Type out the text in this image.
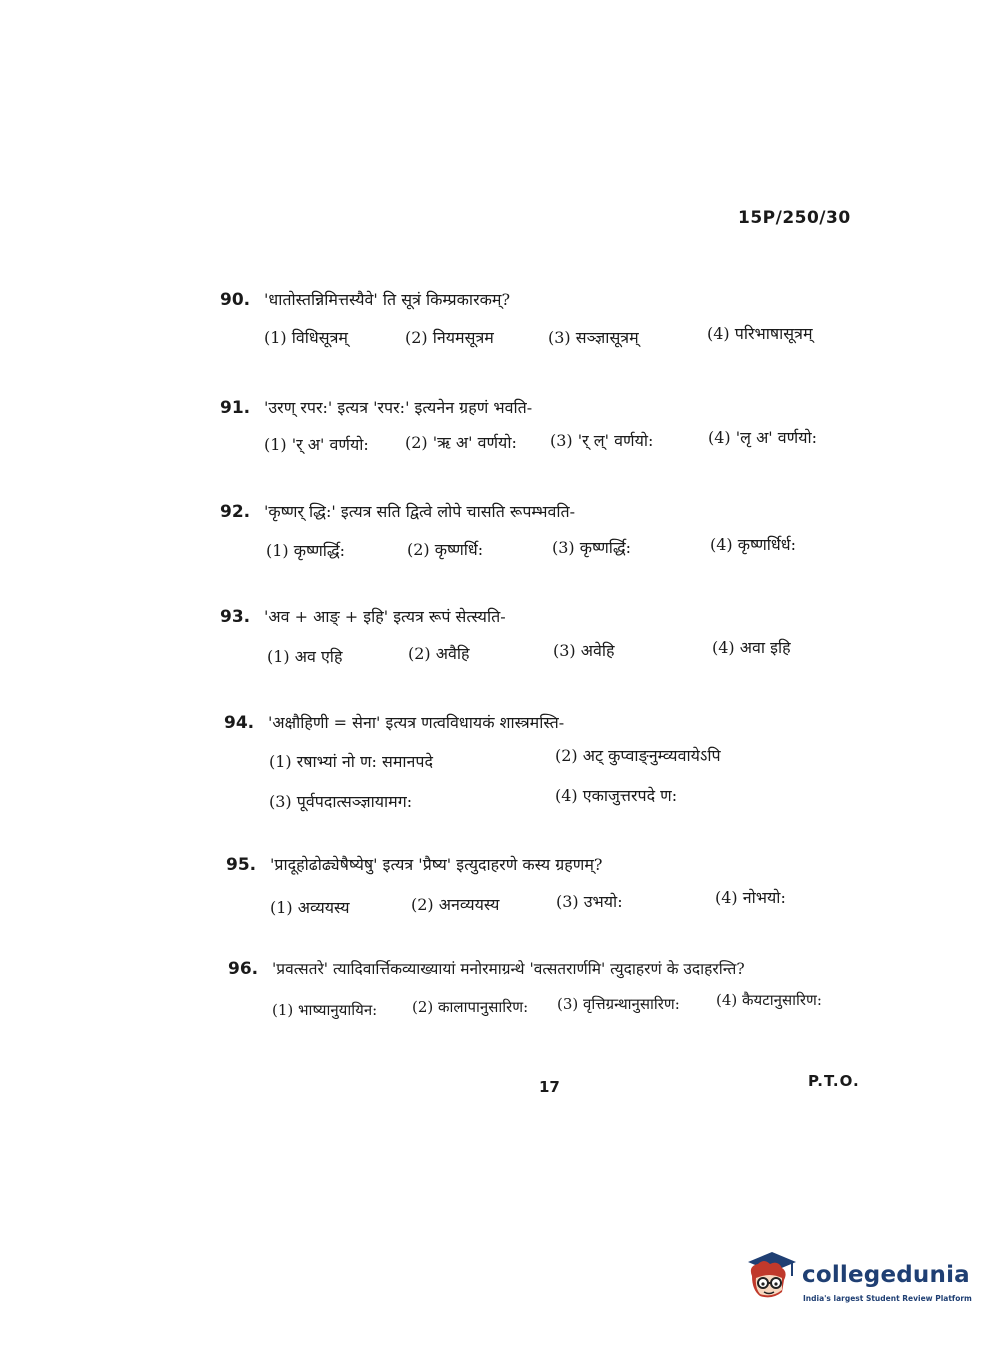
15P/250/30
90. 'धातोस्तन्निमित्तस्यैवे' ति सूत्रं किम्प्रकारकम्?
(1) विधिसूत्रम्	(2) नियमसूत्रम	(3) सञ्ज्ञासूत्रम्	(4) परिभाषासूत्रम्
91. 'उरण् रपर:' इत्यत्र 'रपर:' इत्यनेन ग्रहणं भवति-
(1) 'र् अ' वर्णयो: (2) 'ऋ अ' वर्णयो: (3) 'र् ल्' वर्णयो:	(4) 'लृ अ' वर्णयो:
92. 'कृष्णर् द्धि:' इत्यत्र सति द्वित्वे लोपे चासति रूपम्भवति-
(1) कृष्णर्द्धि:	(2) कृष्णर्धि:	(3) कृष्णर्द्धि:	(4) कृष्णर्धिर्ध:
93. 'अव + आङ् + इहि' इत्यत्र रूपं सेत्स्यति-
(1) अव एहि	(2) अवैहि	(3) अवेहि	(4) अवा इहि
94. 'अक्षौहिणी = सेना' इत्यत्र णत्वविधायकं शास्त्रमस्ति-
(1) रषाभ्यां नो ण: समानपदे	(2) अट् कुप्वाङ्नुम्व्यवायेऽपि
(3) पूर्वपदात्सञ्ज्ञायामग:	(4) एकाजुत्तरपदे ण:
95. 'प्रादूहोढोढ्येषैष्येषु' इत्यत्र 'प्रैष्य' इत्युदाहरणे कस्य ग्रहणम्?
(1) अव्ययस्य	(2) अनव्ययस्य	(3) उभयो:	(4) नोभयो:
96. 'प्रवत्सतरे' त्यादिवार्त्तिकव्याख्यायां मनोरमाग्रन्थे 'वत्सतरार्णमि' त्युदाहरणं के उदाहरन्ति?
(1) भाष्यानुयायिन: (2) कालापानुसारिण: (3) वृत्तिग्रन्थानुसारिण: (4) कैयटानुसारिण:
17	P.T.O.
collegedunia
India's largest Student Review Platform
